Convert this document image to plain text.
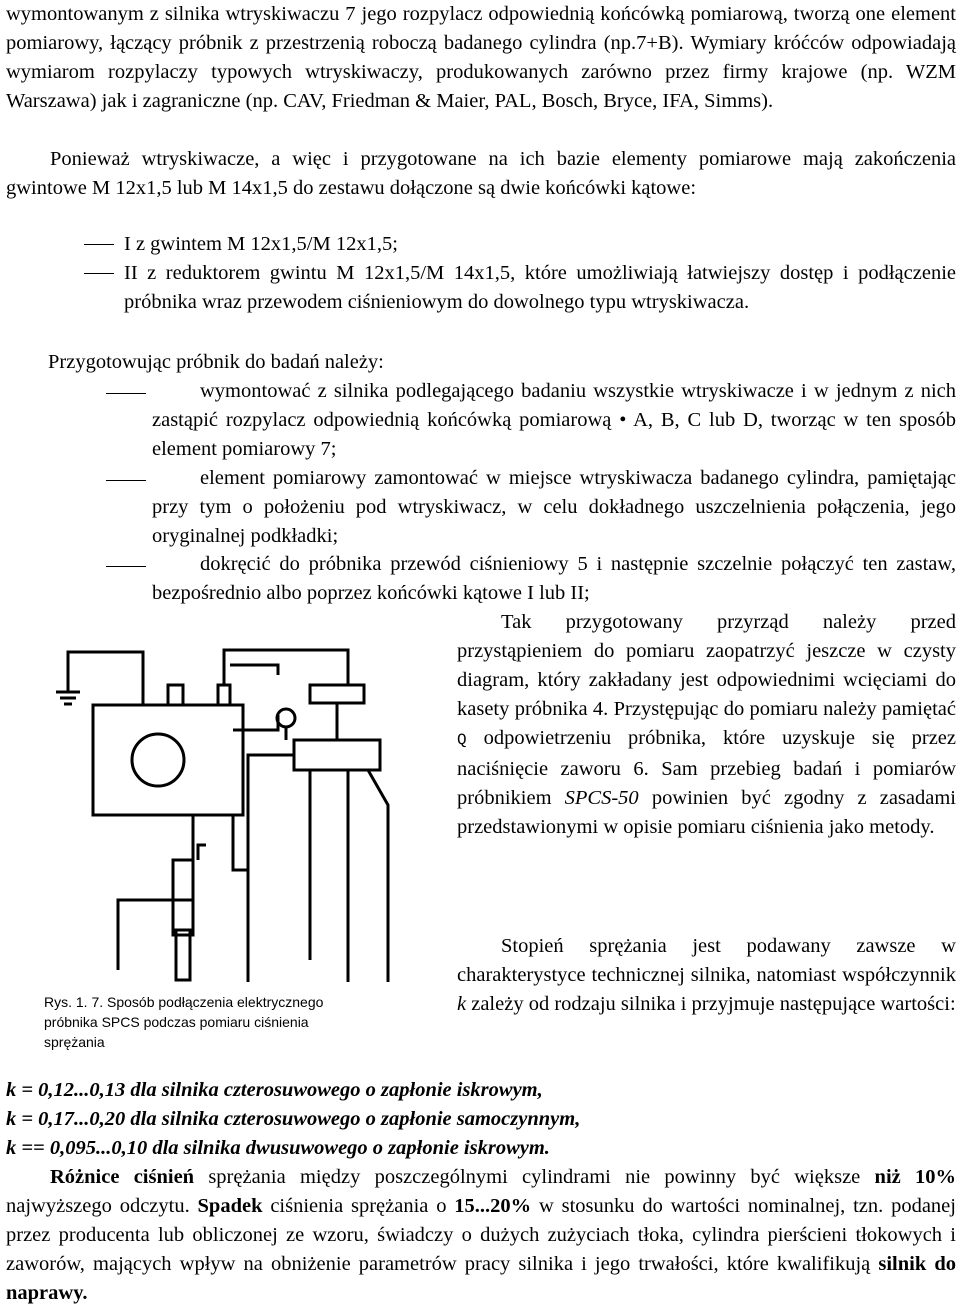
wymontowanym z silnika wtryskiwaczu 7 jego rozpylacz odpowiednią końcówką pomiarową, tworzą one element pomiarowy, łączący próbnik z przestrzenią roboczą badanego cylindra (np.7+B). Wymiary króćców odpowiadają wymiarom rozpylaczy typowych wtryskiwaczy, produkowanych zarówno przez firmy krajowe (np. WZM Warszawa) jak i zagraniczne (np. CAV, Friedman & Maier, PAL, Bosch, Bryce, IFA, Simms).

Ponieważ wtryskiwacze, a więc i przygotowane na ich bazie elementy pomiarowe mają zakończenia gwintowe M 12x1,5 lub M 14x1,5 do zestawu dołączone są dwie końcówki kątowe:

I z gwintem M 12x1,5/M 12x1,5;

II z reduktorem gwintu M 12x1,5/M 14x1,5, które umożliwiają łatwiejszy dostęp i podłączenie próbnika wraz przewodem ciśnieniowym do dowolnego typu wtryskiwacza.

Przygotowując próbnik do badań należy:

wymontować z silnika podlegającego badaniu wszystkie wtryskiwacze i w jednym z nich zastąpić rozpylacz odpowiednią końcówką pomiarową • A, B, C lub D, tworząc w ten sposób element pomiarowy 7;

element pomiarowy zamontować w miejsce wtryskiwacza badanego cylindra, pamiętając przy tym o położeniu pod wtryskiwacz, w celu dokładnego uszczelnienia połączenia, jego oryginalnej podkładki;

dokręcić do próbnika przewód ciśnieniowy 5 i następnie szczelnie połączyć ten zastaw, bezpośrednio albo poprzez końcówki kątowe I lub II;

Rys. 1. 7. Sposób podłączenia elektrycznego próbnika SPCS podczas pomiaru ciśnienia sprężania

Tak przygotowany przyrząd należy przed przystąpieniem do pomiaru zaopatrzyć jeszcze w czysty diagram, który zakładany jest odpowiednimi wcięciami do kasety próbnika 4. Przystępując do pomiaru należy pamiętać Q odpowietrzeniu próbnika, które uzyskuje się przez naciśnięcie zaworu 6. Sam przebieg badań i pomiarów próbnikiem SPCS-50 powinien być zgodny z zasadami przedstawionymi w opisie pomiaru ciśnienia jako metody.

Stopień sprężania jest podawany zawsze w charakterystyce technicznej silnika, natomiast współczynnik k zależy od rodzaju silnika i przyjmuje następujące wartości:

k = 0,12...0,13 dla silnika czterosuwowego o zapłonie iskrowym,

k = 0,17...0,20 dla silnika czterosuwowego o zapłonie samoczynnym,

k == 0,095...0,10 dla silnika dwusuwowego o zapłonie iskrowym.

Różnice ciśnień sprężania między poszczególnymi cylindrami nie powinny być większe niż 10% najwyższego odczytu. Spadek ciśnienia sprężania o 15...20% w stosunku do wartości nominalnej, tzn. podanej przez producenta lub obliczonej ze wzoru, świadczy o dużych zużyciach tłoka, cylindra pierścieni tłokowych i zaworów, mających wpływ na obniżenie parametrów pracy silnika i jego trwałości, które kwalifikują silnik do naprawy.
